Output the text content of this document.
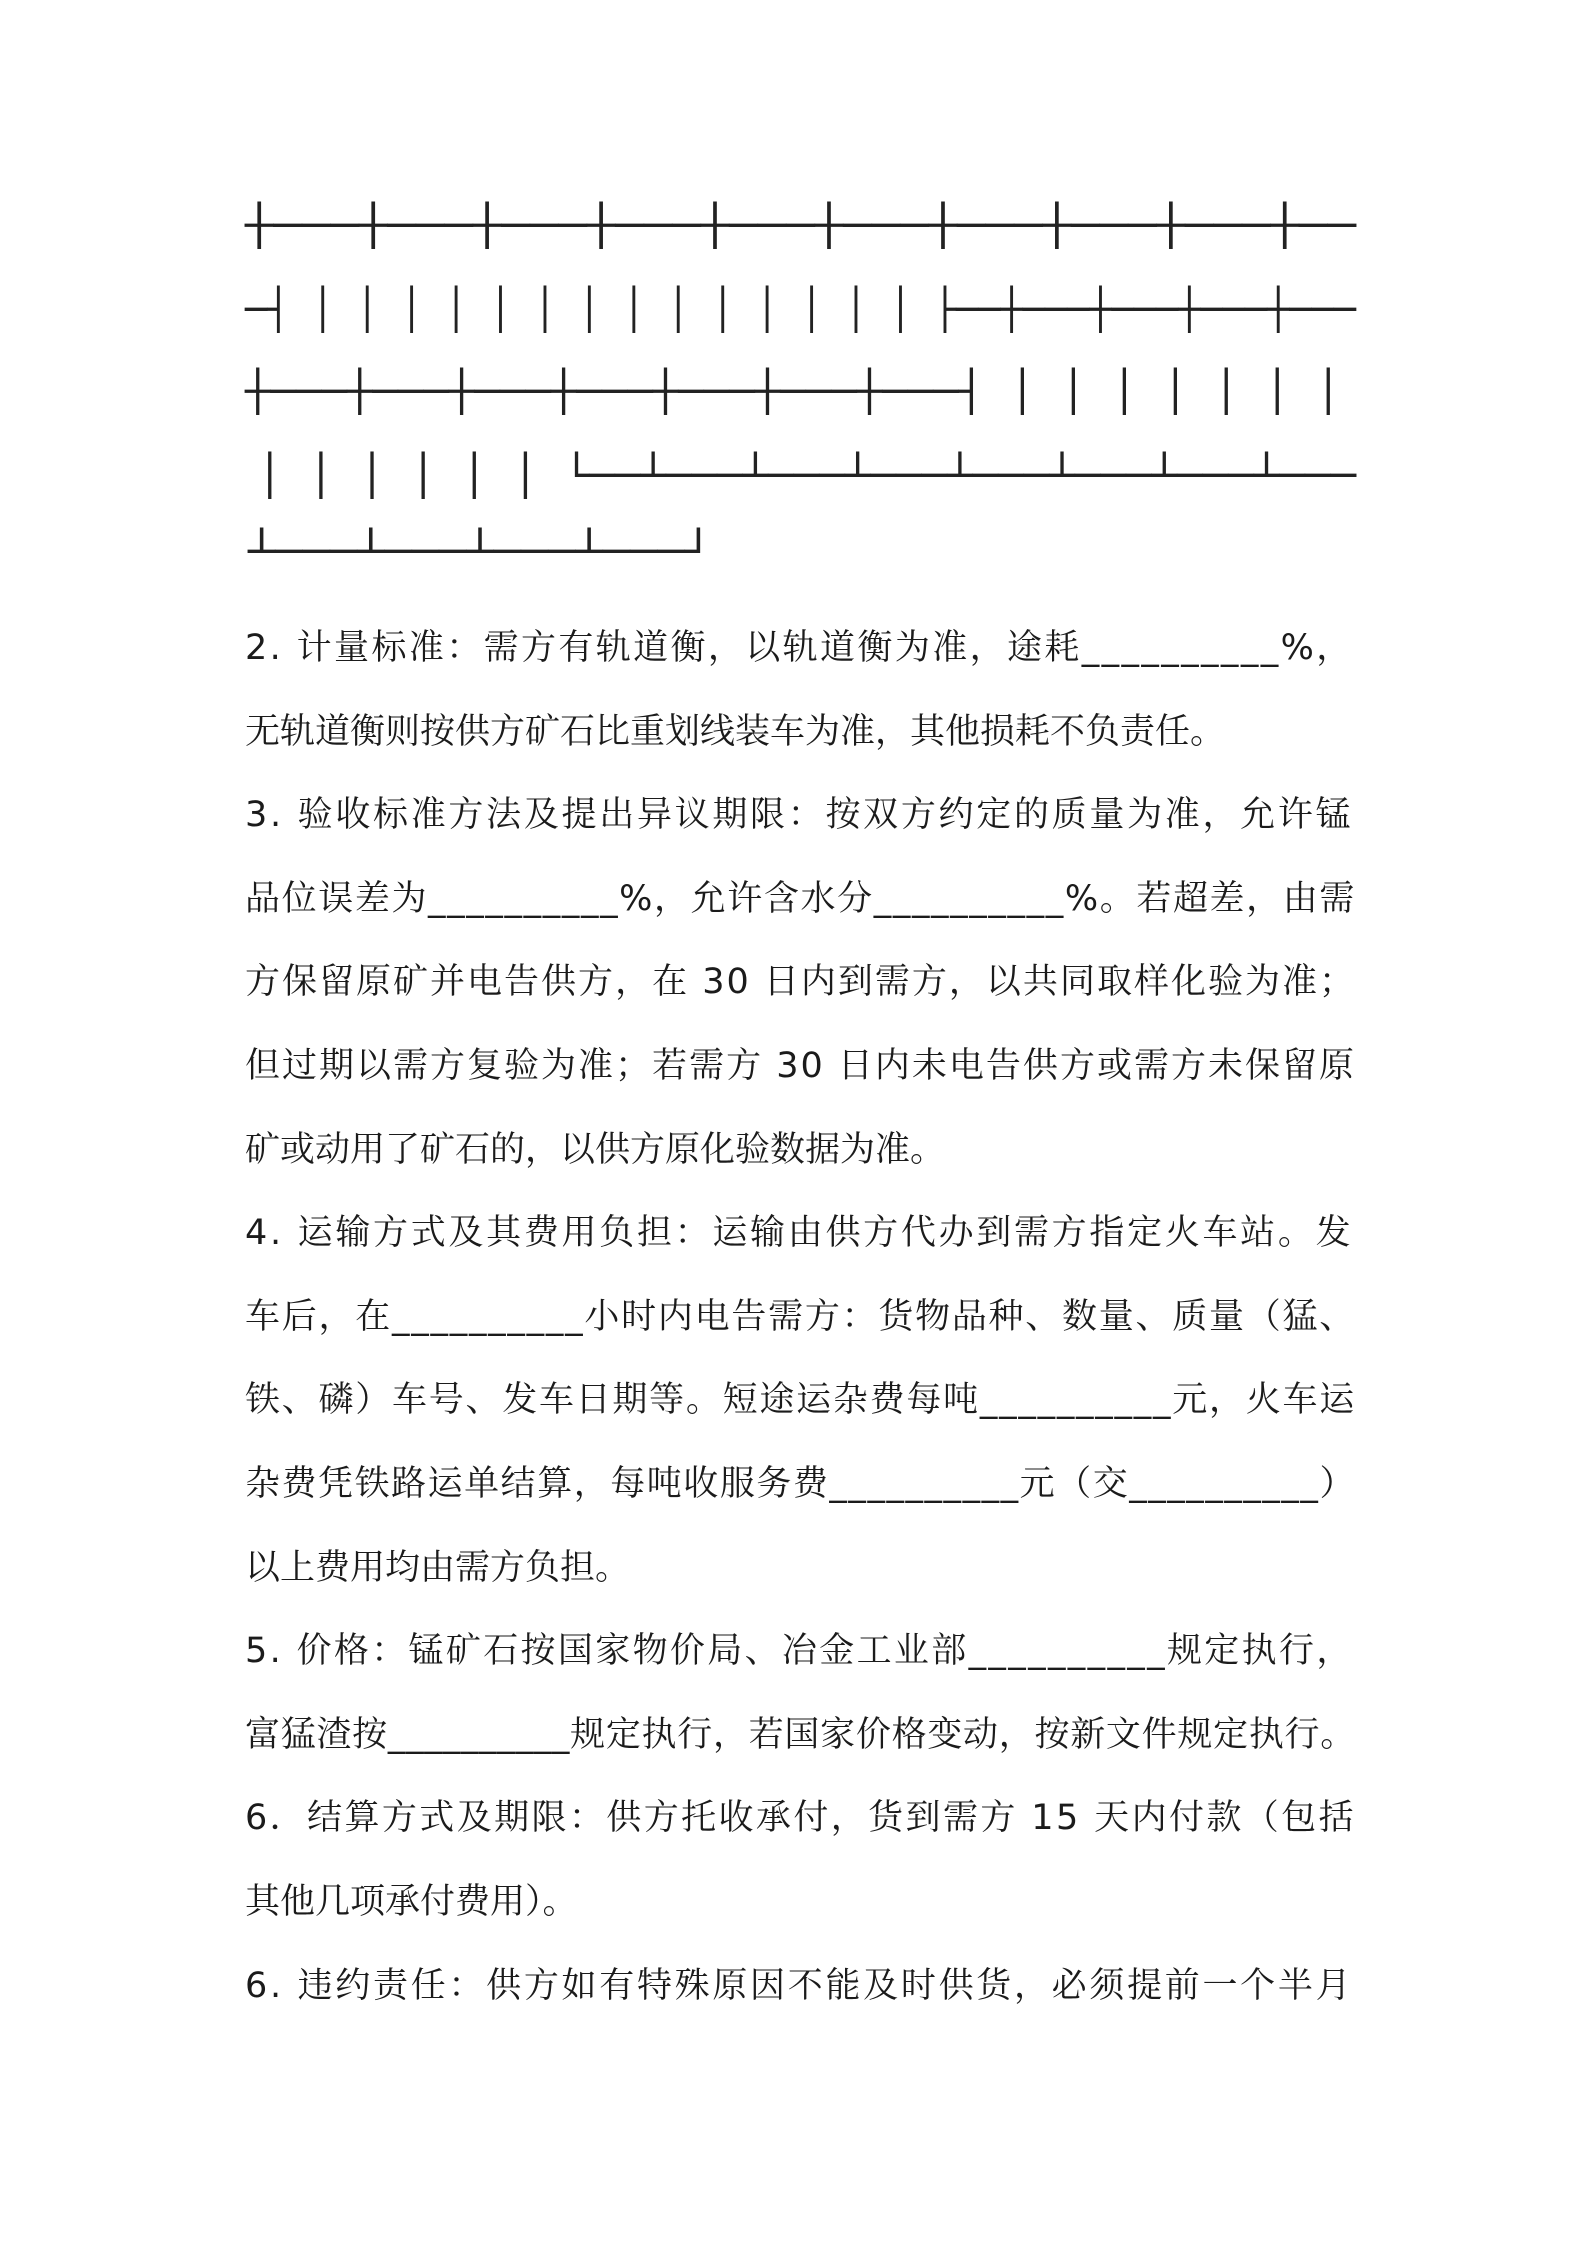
┼───┼───┼───┼───┼───┼───┼───┼───┼───┼──
─┤ │ │ │ │ │ │ │ │ │ │ │ │ │ │ ├──┼───┼───┼───┼───
┼───┼───┼───┼───┼───┼───┼───┤ │ │ │ │ │ │ │
│ │ │ │ │ │ └──┴───┴───┴───┴───┴───┴───┴───
┴───┴───┴───┴───┘
2. 计量标准：需方有轨道衡，以轨道衡为准，途耗__________%，
无轨道衡则按供方矿石比重划线装车为准，其他损耗不负责任。
3. 验收标准方法及提出异议期限：按双方约定的质量为准，允许锰
品位误差为__________%，允许含水分__________%。若超差，由需
方保留原矿并电告供方，在 30 日内到需方，以共同取样化验为准；
但过期以需方复验为准；若需方 30 日内未电告供方或需方未保留原
矿或动用了矿石的，以供方原化验数据为准。
4. 运输方式及其费用负担：运输由供方代办到需方指定火车站。发
车后，在__________小时内电告需方：货物品种、数量、质量（猛、
铁、磷）车号、发车日期等。短途运杂费每吨__________元，火车运
杂费凭铁路运单结算，每吨收服务费__________元（交__________）
以上费用均由需方负担。
5. 价格：锰矿石按国家物价局、冶金工业部__________规定执行，
富猛渣按__________规定执行，若国家价格变动，按新文件规定执行。
6．结算方式及期限：供方托收承付，货到需方 15 天内付款（包括
其他几项承付费用）。
6. 违约责任：供方如有特殊原因不能及时供货，必须提前一个半月
